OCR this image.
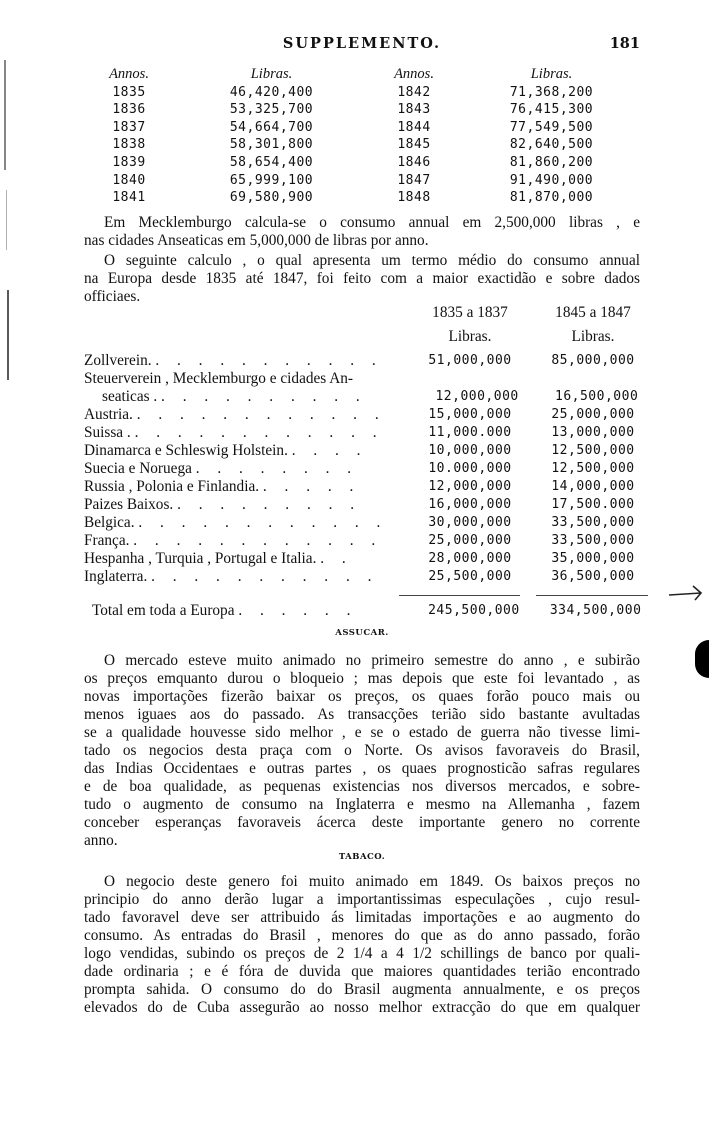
SUPPLEMENTO.	181
Annos.	Libras.	Annos.	Libras.
1835	46,420,400	1842	71,368,200
1836	53,325,700	1843	76,415,300
1837	54,664,700	1844	77,549,500
1838	58,301,800	1845	82,640,500
1839	58,654,400	1846	81,860,200
1840	65,999,100	1847	91,490,000
1841	69,580,900	1848	81,870,000
Em Mecklemburgo calcula-se o consumo annual em 2,500,000 libras , e
nas cidades Anseaticas em 5,000,000 de libras por anno.
O seguinte calculo , o qual apresenta um termo médio do consumo annual
na Europa desde 1835 até 1847, foi feito com a maior exactidão e sobre dados
officiaes.
1835 a 1837	1845 a 1847
Libras.	Libras.
Zollverein. . . . . . . . . . . .	51,000,000	85,000,000
Steuerverein , Mecklemburgo e cidades An-
seaticas . . . . . . . . . . .	12,000,000	16,500,000
Austria. . . . . . . . . . . . .	15,000,000	25,000,000
Suissa . . . . . . . . . . . . .	11,000.000	13,000,000
Dinamarca e Schleswig Holstein. . . . .	10,000,000	12,500,000
Suecia e Noruega . . . . . . . .	10.000,000	12,500,000
Russia , Polonia e Finlandia. . . . . .	12,000,000	14,000,000
Paizes Baixos. . . . . . . . . .	16,000,000	17,500.000
Belgica. . . . . . . . . . . . .	30,000,000	33,500,000
França. . . . . . . . . . . . .	25,000,000	33,500,000
Hespanha , Turquia , Portugal e Italia. . .	28,000,000	35,000,000
Inglaterra. . . . . . . . . . . .	25,500,000	36,500,000
Total em toda a Europa . . . . . .	245,500,000	334,500,000
ASSUCAR.
O mercado esteve muito animado no primeiro semestre do anno , e subirão
os preços emquanto durou o bloqueio ; mas depois que este foi levantado , as
novas importações fizerão baixar os preços, os quaes forão pouco mais ou
menos iguaes aos do passado. As transacções terião sido bastante avultadas
se a qualidade houvesse sido melhor , e se o estado de guerra não tivesse limi-
tado os negocios desta praça com o Norte. Os avisos favoraveis do Brasil,
das Indias Occidentaes e outras partes , os quaes prognosticão safras regulares
e de boa qualidade, as pequenas existencias nos diversos mercados, e sobre-
tudo o augmento de consumo na Inglaterra e mesmo na Allemanha , fazem
conceber esperanças favoraveis ácerca deste importante genero no corrente
anno.
TABACO.
O negocio deste genero foi muito animado em 1849. Os baixos preços no
principio do anno derão lugar a importantissimas especulações , cujo resul-
tado favoravel deve ser attribuido ás limitadas importações e ao augmento do
consumo. As entradas do Brasil , menores do que as do anno passado, forão
logo vendidas, subindo os preços de 2 1/4 a 4 1/2 schillings de banco por quali-
dade ordinaria ; e é fóra de duvida que maiores quantidades terião encontrado
prompta sahida. O consumo do do Brasil augmenta annualmente, e os preços
elevados do de Cuba assegurão ao nosso melhor extracção do que em qualquer
